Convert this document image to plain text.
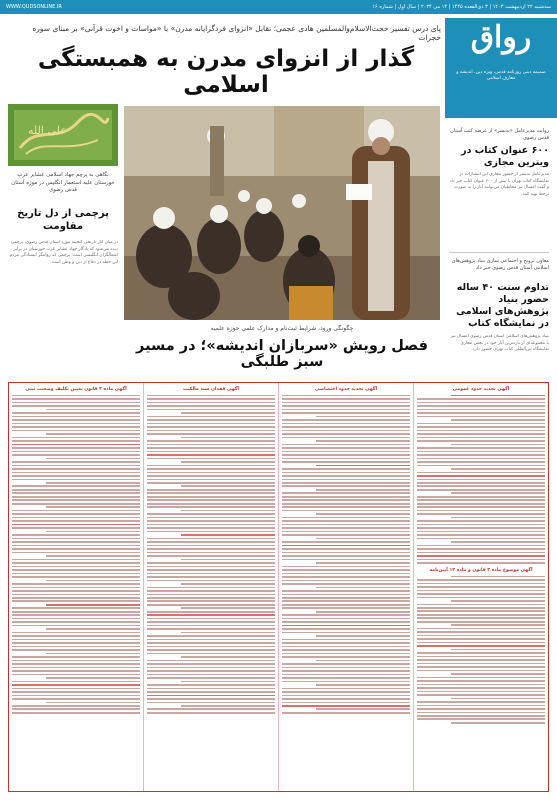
WWW.QUDSONLINE.IR	سه‌شنبه ۲۲ اردیبهشت ۱۴۰۳ | ۳ ذی‌القعده ۱۴۴۵ | ۱۴ می ۲۰۲۴ | سال اول | شماره ۱۶
پای درس تفسیر حجت‌الاسلام‌والمسلمین هادی عجمی؛ تقابل «انزوای فردگرایانه مدرن» با «مواسات و اخوت قرآنی» بر مبنای سوره حجرات
گذار از انزوای مدرن به همبستگی اسلامی
رواق
ضمیمه دینی روزنامه قدس، ویژه دین، اندیشه و معارف اسلامی
روایت مدیرعامل «به‌نشر» از عرضه کتب آستان قدس رضوی
۶۰۰ عنوان کتاب در ویترین مجازی
مدیرعامل به‌نشر از حضور مجازی این انتشارات در نمایشگاه کتاب تهران با بیش از ۶۰۰ عنوان کتاب خبر داد و گفت امسال نیز مخاطبان می‌توانند آثار را به صورت برخط تهیه کنند.
معاون ترویج و اجتماعی سازی بنیاد پژوهش‌های اسلامی آستان قدس رضوی خبر داد
تداوم سنت ۴۰ ساله حضور بنیاد پژوهش‌های اسلامی در نمایشگاه کتاب
بنیاد پژوهش‌های اسلامی آستان قدس رضوی امسال نیز با مجموعه‌ای از تازه‌ترین آثار خود در بخش مجازی نمایشگاه بین‌المللی کتاب تهران حضور دارد.
چگونگی ورود، شرایط ثبت‌نام و مدارک علمی حوزه علمیه
فصل رویش «سربازان اندیشه»؛ در مسیر سبز طلبگی
علی الله
نگاهی به پرچم جهاد اسلامی عشایر عرب خوزستان علیه استعمار انگلیس در موزه آستان قدس رضوی
پرچمی از دل تاریخ مقاومت
در میان آثار تاریخی گنجینه موزه آستان قدس رضوی، پرچمی دیده می‌شود که یادگار جهاد عشایر عرب خوزستان در برابر اشغالگران انگلیسی است؛ پرچمی که روایتگر ایستادگی مردم این خطه در دفاع از دین و وطن است.
آگهی تجدید حدود عمومی
آگهی موضوع ماده ۳ قانون و ماده ۱۳ آیین‌نامه
آگهی تحدید حدود اختصاصی
آگهی فقدان سند مالکیت
آگهی ماده ۳ قانون تعیین تکلیف وضعیت ثبتی
